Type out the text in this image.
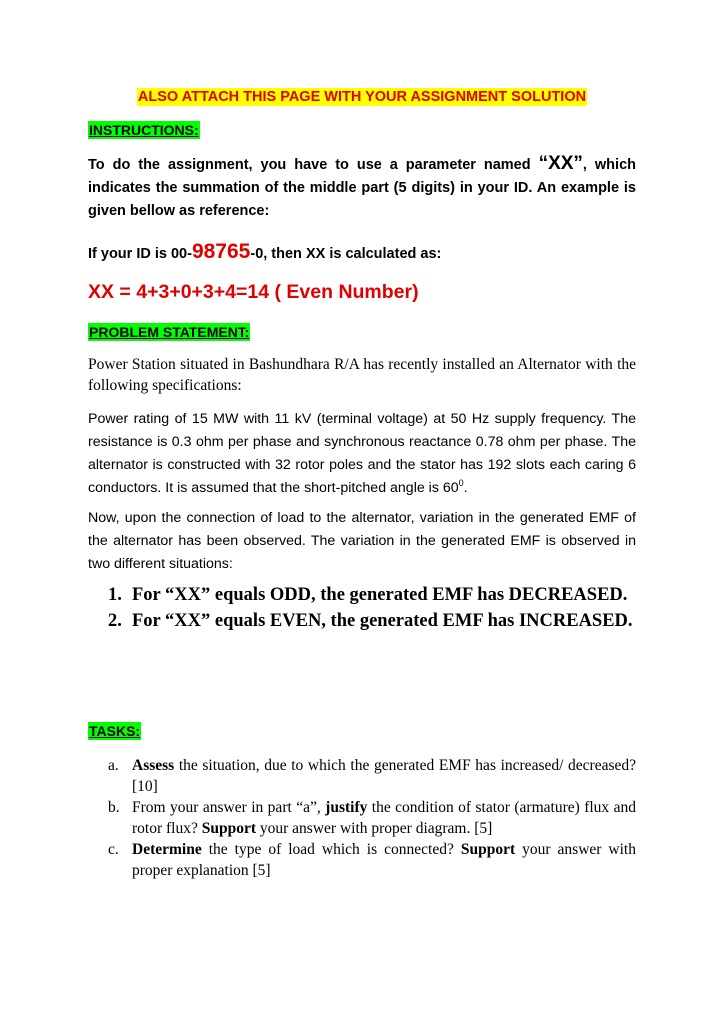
ALSO ATTACH THIS PAGE WITH YOUR ASSIGNMENT SOLUTION
INSTRUCTIONS:
To do the assignment, you have to use a parameter named “XX”, which indicates the summation of the middle part (5 digits) in your ID. An example is given bellow as reference:
If your ID is 00-98765-0, then XX is calculated as:
XX = 4+3+0+3+4=14 ( Even Number)
PROBLEM STATEMENT:
Power Station situated in Bashundhara R/A has recently installed an Alternator with the following specifications:
Power rating of 15 MW with 11 kV (terminal voltage) at 50 Hz supply frequency. The resistance is 0.3 ohm per phase and synchronous reactance 0.78 ohm per phase. The alternator is constructed with 32 rotor poles and the stator has 192 slots each caring 6 conductors. It is assumed that the short-pitched angle is $60^0$.
Now, upon the connection of load to the alternator, variation in the generated EMF of the alternator has been observed. The variation in the generated EMF is observed in two different situations:
1. For “XX” equals ODD, the generated EMF has DECREASED.
2. For “XX” equals EVEN, the generated EMF has INCREASED.
TASKS:
a. Assess the situation, due to which the generated EMF has increased/ decreased? [10]
b. From your answer in part “a”, justify the condition of stator (armature) flux and rotor flux? Support your answer with proper diagram. [5]
c. Determine the type of load which is connected? Support your answer with proper explanation [5]
